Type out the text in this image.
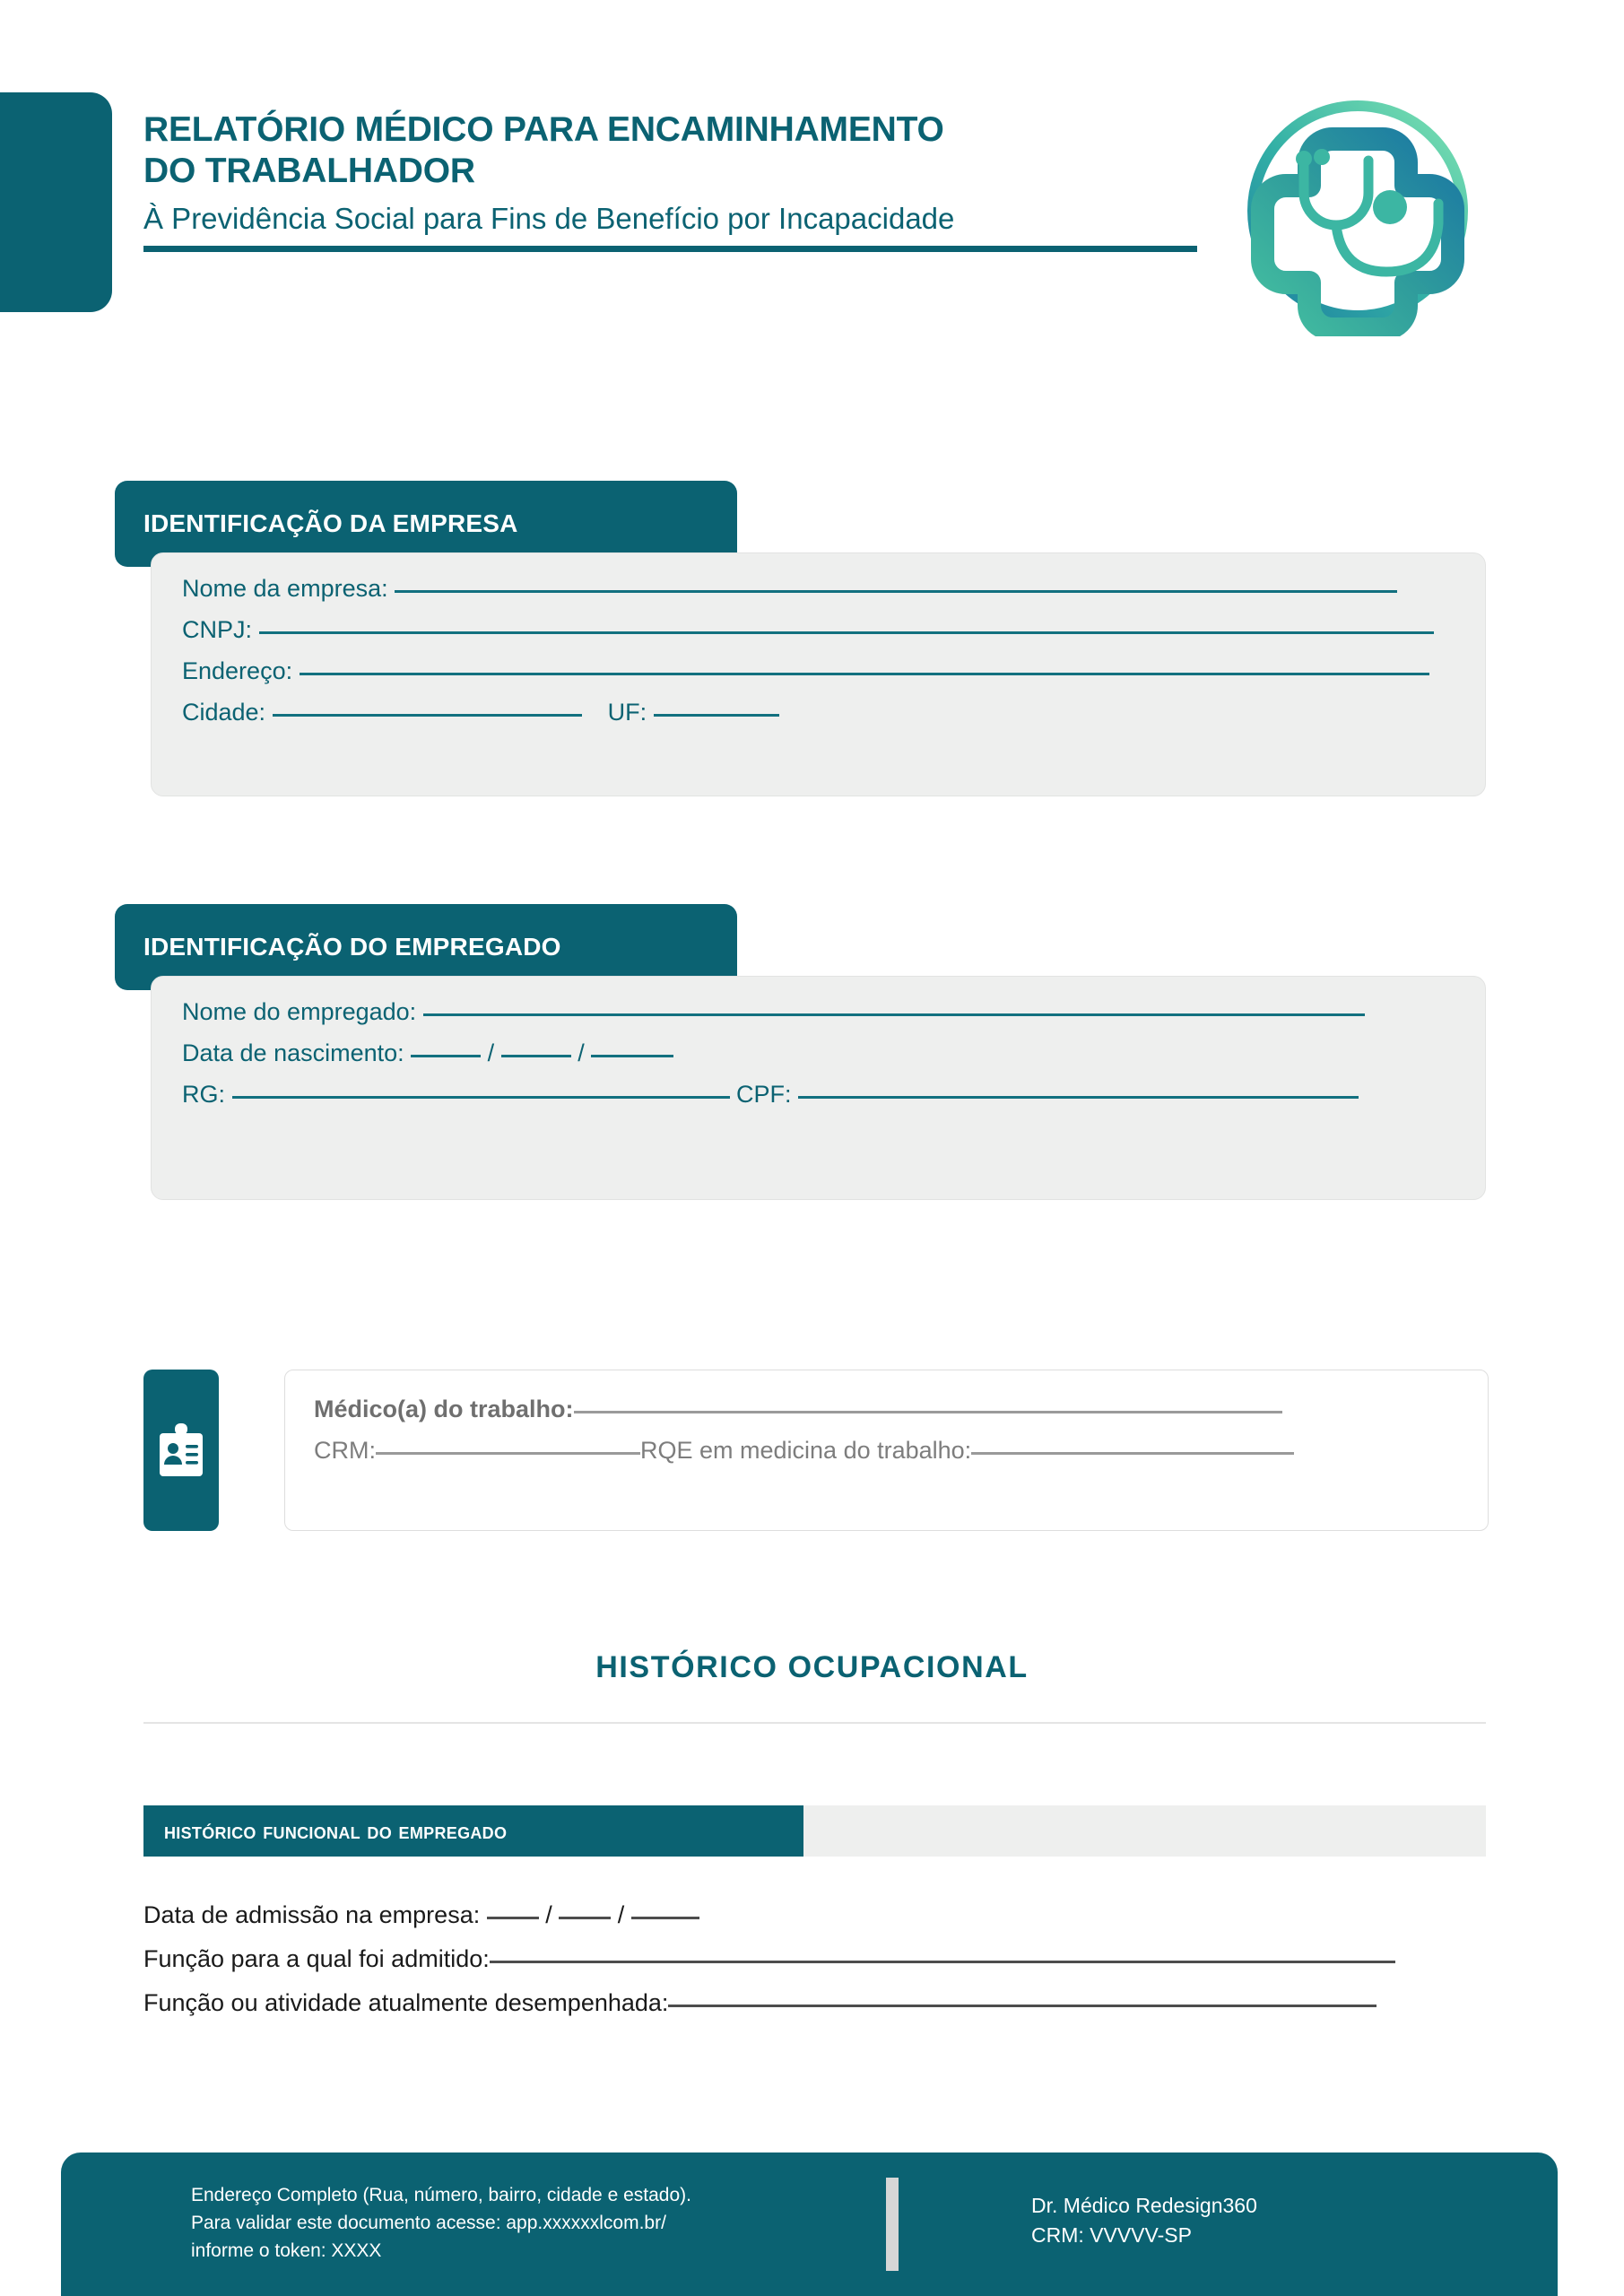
RELATÓRIO MÉDICO PARA ENCAMINHAMENTO
DO TRABALHADOR
À Previdência Social para Fins de Benefício por Incapacidade
IDENTIFICAÇÃO DA EMPRESA
Nome da empresa:
CNPJ:
Endereço:
Cidade:	UF:
IDENTIFICAÇÃO DO EMPREGADO
Nome do empregado:
Data de nascimento:	/	/
RG:	CPF:
Médico(a) do trabalho:
CRM:	RQE em medicina do trabalho:
HISTÓRICO OCUPACIONAL
histórico funcional do empregado
Data de admissão na empresa:	/	/
Função para a qual foi admitido:
Função ou atividade atualmente desempenhada:
Endereço Completo (Rua, número, bairro, cidade e estado).
Para validar este documento acesse: app.xxxxxxlcom.br/
informe o token: XXXX
Dr. Médico Redesign360
CRM: VVVVV-SP
